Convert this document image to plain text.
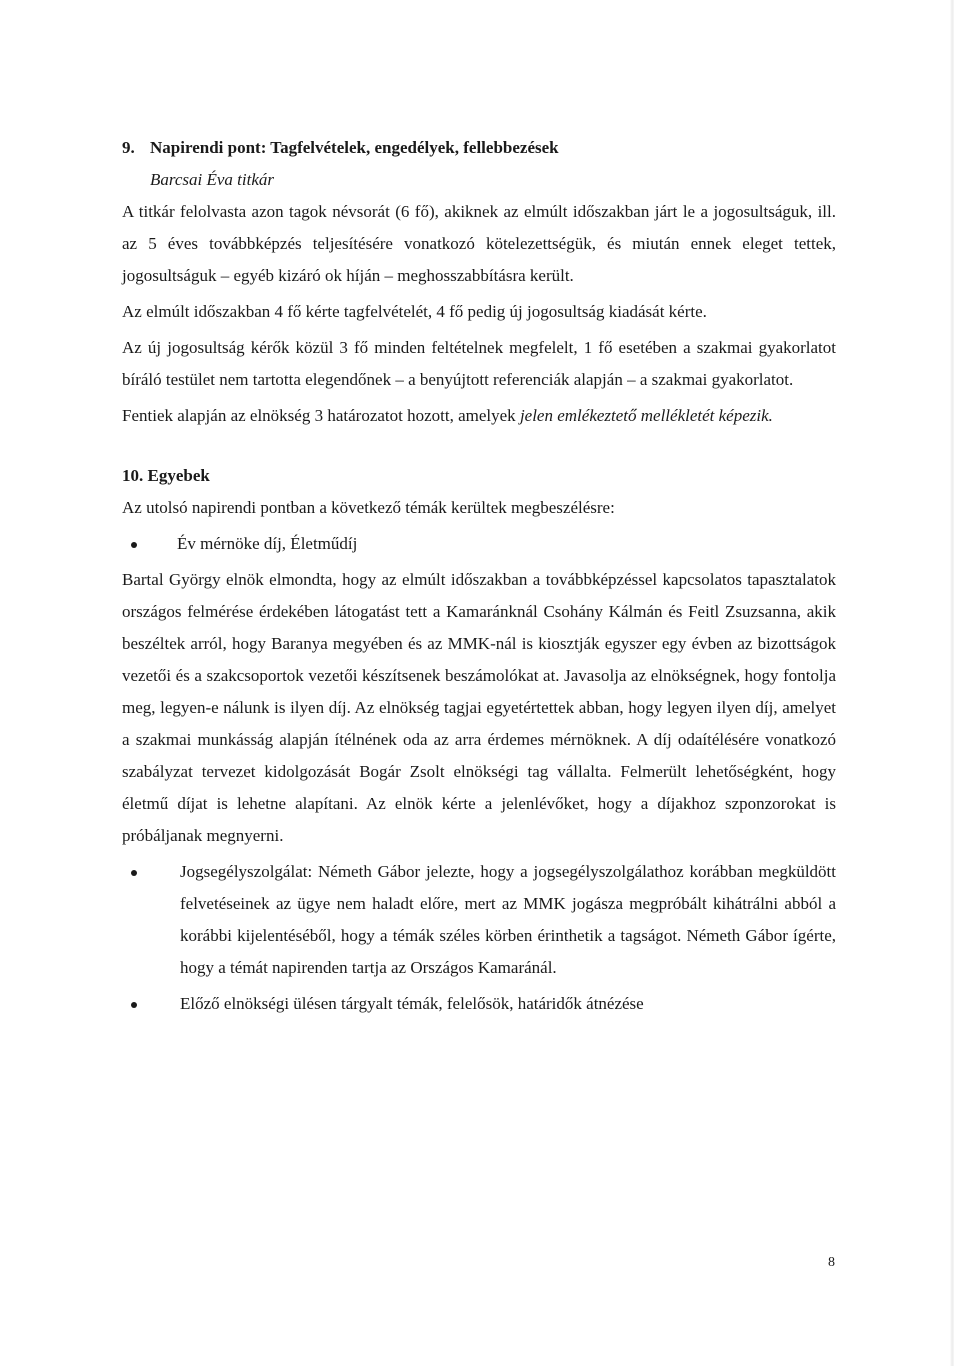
9. Napirendi pont: Tagfelvételek, engedélyek, fellebbezések
Barcsai Éva titkár

A titkár felolvasta azon tagok névsorát (6 fő), akiknek az elmúlt időszakban járt le a jogosultságuk, ill. az 5 éves továbbképzés teljesítésére vonatkozó kötelezettségük, és miután ennek eleget tettek, jogosultságuk – egyéb kizáró ok híján – meghosszabbításra került.

Az elmúlt időszakban 4 fő kérte tagfelvételét, 4 fő pedig új jogosultság kiadását kérte.

Az új jogosultság kérők közül 3 fő minden feltételnek megfelelt, 1 fő esetében a szakmai gyakorlatot bíráló testület nem tartotta elegendőnek – a benyújtott referenciák alapján – a szakmai gyakorlatot.

Fentiek alapján az elnökség 3 határozatot hozott, amelyek jelen emlékeztető mellékletét képezik.

10. Egyebek

Az utolsó napirendi pontban a következő témák kerültek megbeszélésre:

Év mérnöke díj, Életműdíj

Bartal György elnök elmondta, hogy az elmúlt időszakban a továbbképzéssel kapcsolatos tapasztalatok országos felmérése érdekében látogatást tett a Kamaránknál Csohány Kálmán és Feitl Zsuzsanna, akik beszéltek arról, hogy Baranya megyében és az MMK-nál is kiosztják egyszer egy évben az bizottságok vezetői és a szakcsoportok vezetői készítsenek beszámolókat at. Javasolja az elnökségnek, hogy fontolja meg, legyen-e nálunk is ilyen díj. Az elnökség tagjai egyetértettek abban, hogy legyen ilyen díj, amelyet a szakmai munkásság alapján ítélnének oda az arra érdemes mérnöknek. A díj odaítélésére vonatkozó szabályzat tervezet kidolgozását Bogár Zsolt elnökségi tag vállalta. Felmerült lehetőségként, hogy életmű díjat is lehetne alapítani. Az elnök kérte a jelenlévőket, hogy a díjakhoz szponzorokat is próbáljanak megnyerni.

Jogsegélyszolgálat: Németh Gábor jelezte, hogy a jogsegélyszolgálathoz korábban megküldött felvetéseinek az ügye nem haladt előre, mert az MMK jogásza megpróbált kihátrálni abból a korábbi kijelentéséből, hogy a témák széles körben érinthetik a tagságot. Németh Gábor ígérte, hogy a témát napirenden tartja az Országos Kamaránál.
Előző elnökségi ülésen tárgyalt témák, felelősök, határidők átnézése
8
